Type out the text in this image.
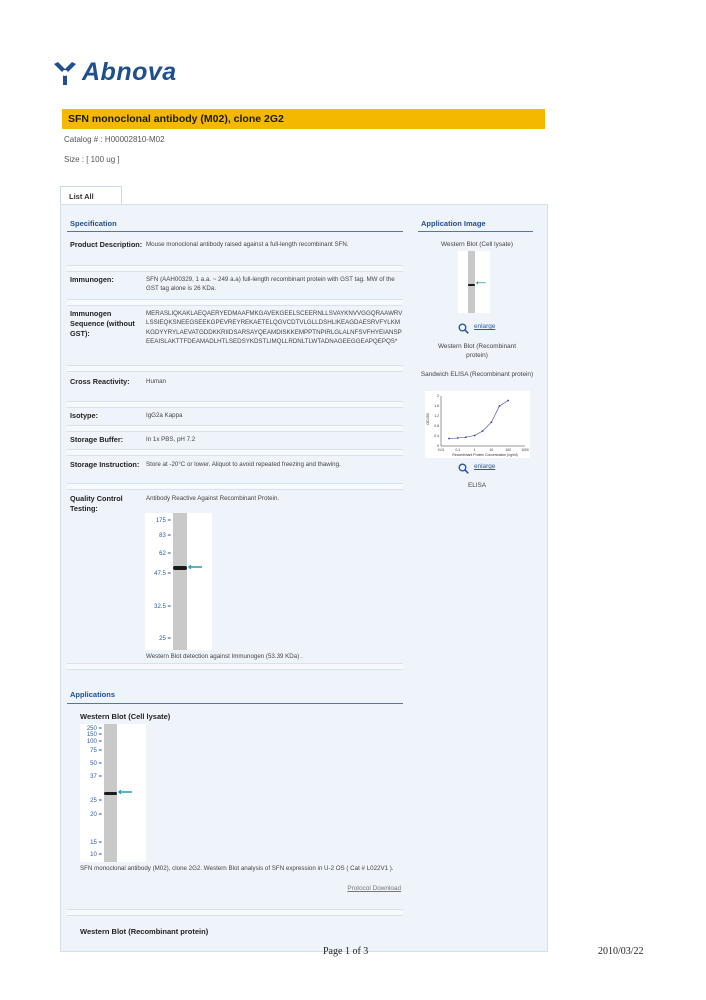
Abnova
SFN monoclonal antibody (M02), clone 2G2
Catalog # : H00002810-M02
Size : [ 100 ug ]
List All
Specification	Application Image
Product Description: Mouse monoclonal antibody raised against a full-length recombinant SFN.
Immunogen:	SFN (AAH00329, 1 a.a. ~ 249 a.a) full-length recombinant protein with GST tag. MW of the GST tag alone is 26 KDa.
Immunogen Sequence (without GST):
MERASLIQKAKLAEQAERYEDMAAFMKGAVEKGEELSCEERNLLSVAYKNVVGGQRAAWRVLSSIEQKSNEEGSEEKGPEVREYREKAETELQGVCDTVLGLLDSHLIKEAGDAESRVFYLKMKGDYYRYLAEVATGDDKKRIIDSARSAYQEAMDISKKEMPPTNPIRLGLALNFSVFHYEIANSPEEAISLAKTTFDEAMADLHTLSEDSYKDSTLIMQLLRDNLTLWTADNAGEEGGEAPQEPQS*
Cross Reactivity:	Human
Isotype:	IgG2a Kappa
Storage Buffer:	In 1x PBS, pH 7.2
Storage Instruction:	Store at -20°C or lower. Aliquot to avoid repeated freezing and thawing.
Quality Control Testing:
Antibody Reactive Against Recombinant Protein.
175 =
83 =
62 =
47.5 =
32.5 =
25 =
⟵
Western Blot detection against Immunogen (53.39 KDa) .
Western Blot (Cell lysate)
⟵
enlarge
Western Blot (Recombinant protein)
Sandwich ELISA (Recombinant protein)
0
0.4
0.8
1.2
1.6
2
0.01	0.1	1	10	100	1000
OD450
Recombinant Protein Concentration (ng/ml)
enlarge
ELISA
Applications
Western Blot (Cell lysate)
250 =
150 =
100 =
75 =
50 =
37 =
25 =
20 =
15 =
10 =
⟵
SFN monoclonal antibody (M02), clone 2G2. Western Blot analysis of SFN expression in U-2 OS ( Cat # L022V1 ).
Protocol Download
Western Blot (Recombinant protein)
Page 1 of 3	2010/03/22
